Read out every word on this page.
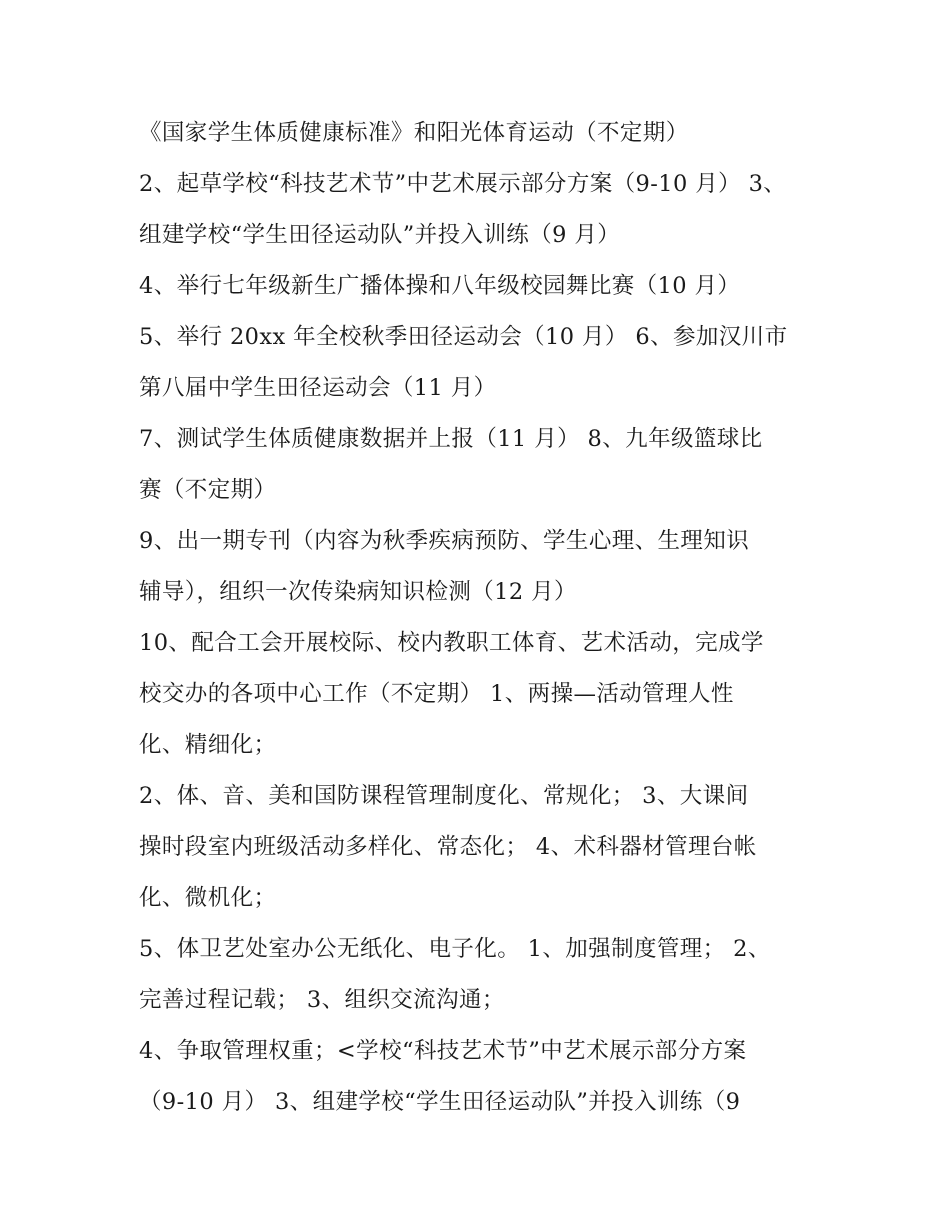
《国家学生体质健康标准》和阳光体育运动（不定期）
2、起草学校“科技艺术节”中艺术展示部分方案（9-10 月） 3、
组建学校“学生田径运动队”并投入训练（9 月）
4、举行七年级新生广播体操和八年级校园舞比赛（10 月）
5、举行 20xx 年全校秋季田径运动会（10 月） 6、参加汉川市
第八届中学生田径运动会（11 月）
7、测试学生体质健康数据并上报（11 月） 8、九年级篮球比
赛（不定期）
9、出一期专刊（内容为秋季疾病预防、学生心理、生理知识
辅导），组织一次传染病知识检测（12 月）
10、配合工会开展校际、校内教职工体育、艺术活动，完成学
校交办的各项中心工作（不定期） 1、两操—活动管理人性
化、精细化；
2、体、音、美和国防课程管理制度化、常规化； 3、大课间
操时段室内班级活动多样化、常态化； 4、术科器材管理台帐
化、微机化；
5、体卫艺处室办公无纸化、电子化。 1、加强制度管理； 2、
完善过程记载； 3、组织交流沟通；
4、争取管理权重；<学校“科技艺术节”中艺术展示部分方案
（9-10 月） 3、组建学校“学生田径运动队”并投入训练（9
